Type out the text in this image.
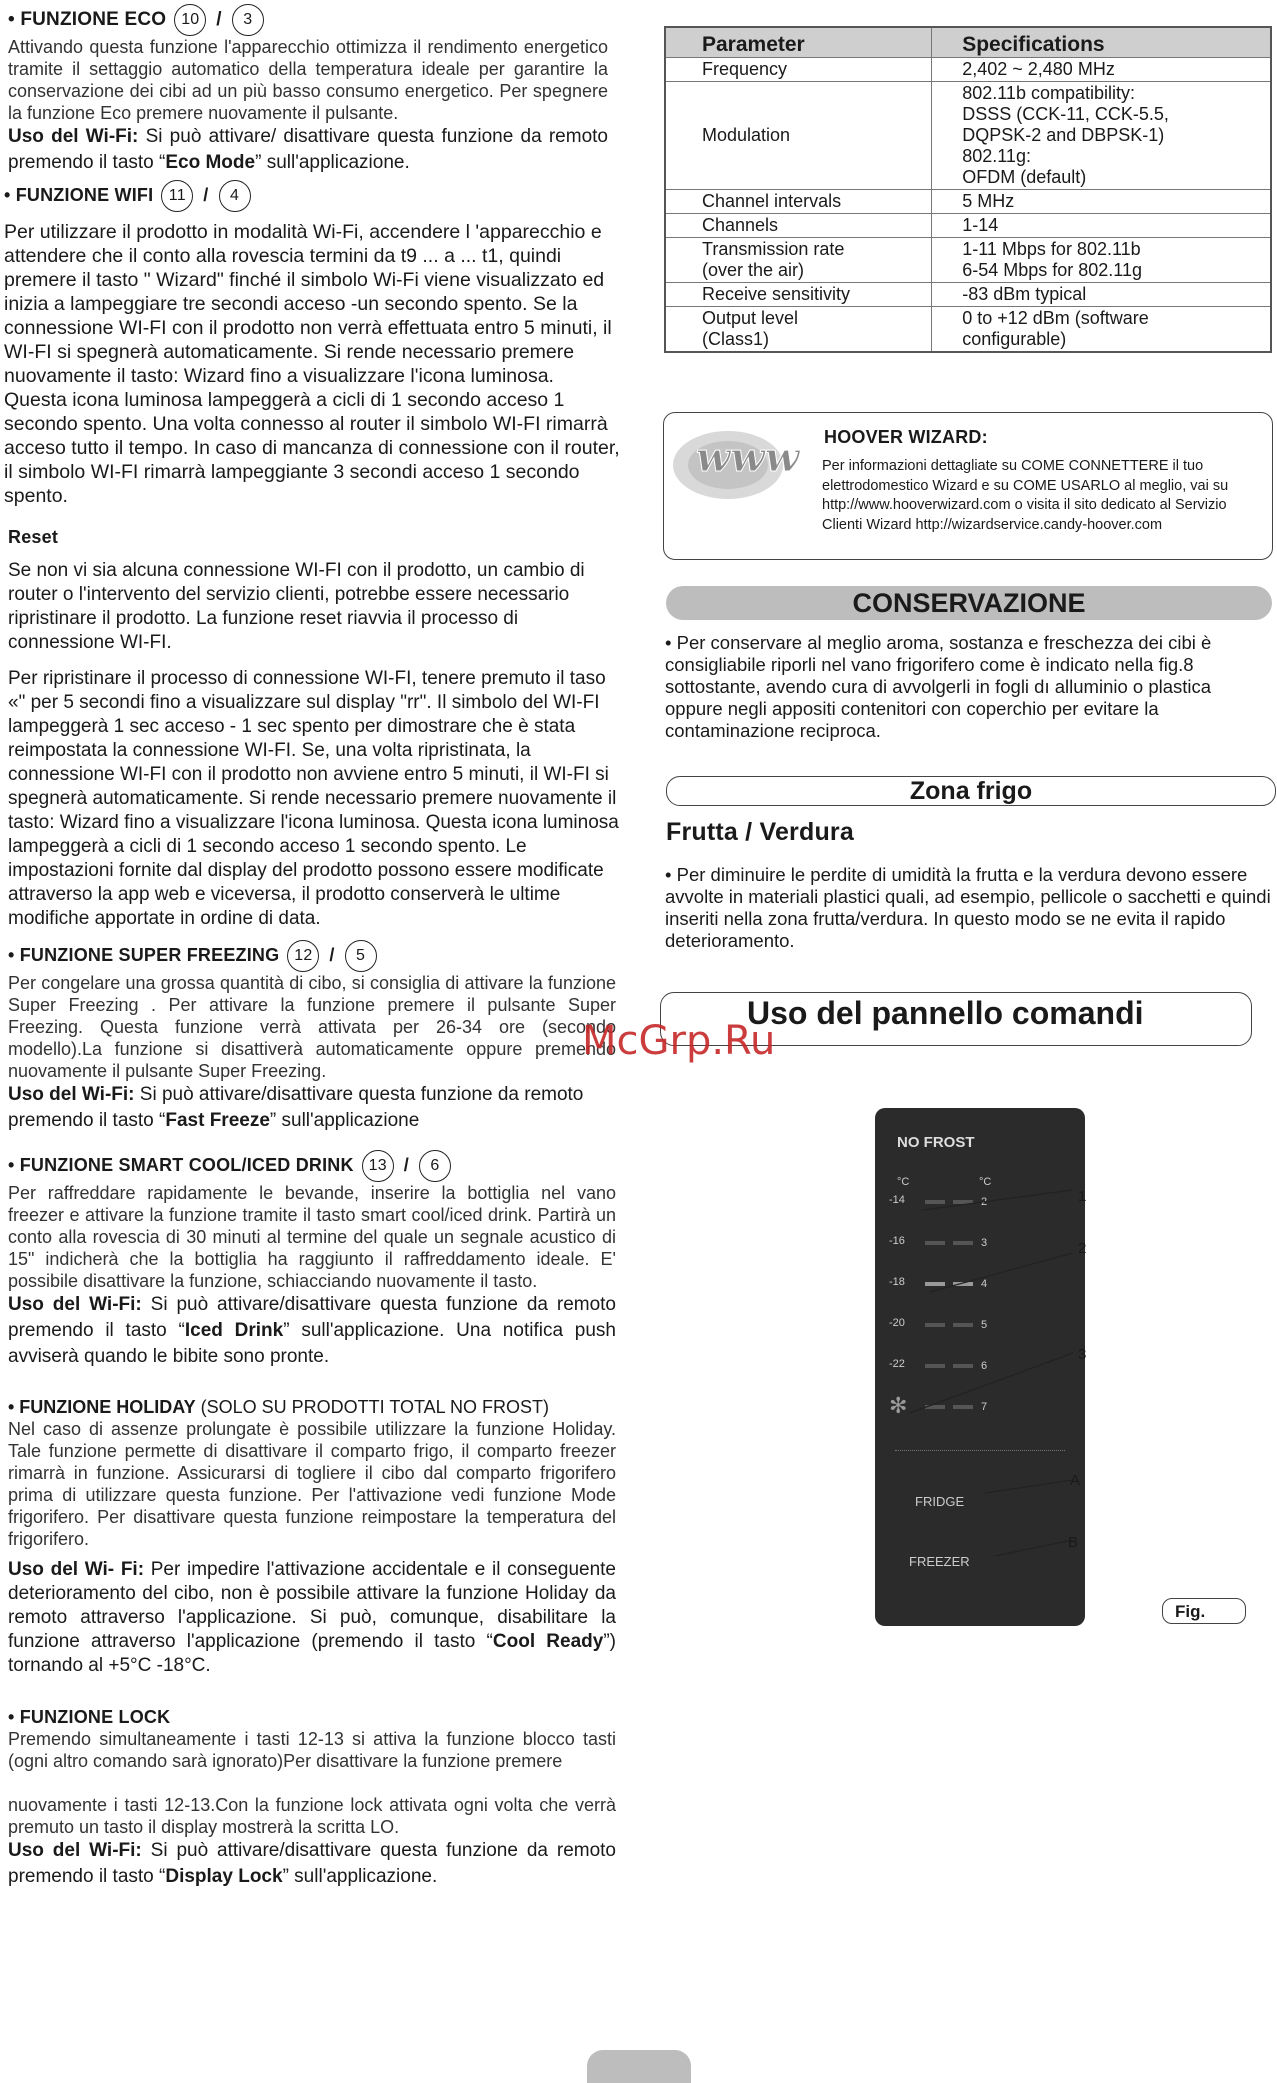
• FUNZIONE ECO 10 / 3

Attivando questa funzione l'apparecchio ottimizza il rendimento energetico tramite il settaggio automatico della temperatura ideale per garantire la conservazione dei cibi ad un più basso consumo energetico. Per spegnere la funzione Eco premere nuovamente il pulsante.

Uso del Wi-Fi: Si può attivare/ disattivare questa funzione da remoto premendo il tasto “Eco Mode” sull'applicazione.

• FUNZIONE WIFI 11 / 4

Per utilizzare il prodotto in modalità Wi-Fi, accendere l 'apparecchio e attendere che il conto alla rovescia termini da t9 ... a ... t1, quindi premere il tasto " Wizard" finché il simbolo Wi-Fi viene visualizzato ed inizia a lampeggiare tre secondi acceso -un secondo spento. Se la connessione WI-FI con il prodotto non verrà effettuata entro 5 minuti, il WI-FI si spegnerà automaticamente. Si rende necessario premere nuovamente il tasto: Wizard fino a visualizzare l'icona luminosa. Questa icona luminosa lampeggerà a cicli di 1 secondo acceso 1 secondo spento. Una volta connesso al router il simbolo WI-FI rimarrà acceso tutto il tempo. In caso di mancanza di connessione con il router, il simbolo WI-FI rimarrà lampeggiante 3 secondi acceso 1 secondo spento.

Reset

Se non vi sia alcuna connessione WI-FI con il prodotto, un cambio di router o l'intervento del servizio clienti, potrebbe essere necessario ripristinare il prodotto. La funzione reset riavvia il processo di connessione WI-FI.

Per ripristinare il processo di connessione WI-FI, tenere premuto il taso «" per 5 secondi fino a visualizzare sul display "rr". Il simbolo del WI-FI lampeggerà 1 sec acceso - 1 sec spento per dimostrare che è stata reimpostata la connessione WI-FI. Se, una volta ripristinata, la connessione WI-FI con il prodotto non avviene entro 5 minuti, il WI-FI si spegnerà automaticamente. Si rende necessario premere nuovamente il tasto: Wizard fino a visualizzare l'icona luminosa. Questa icona luminosa lampeggerà a cicli di 1 secondo acceso 1 secondo spento. Le impostazioni fornite dal display del prodotto possono essere modificate attraverso la app web e viceversa, il prodotto conserverà le ultime modifiche apportate in ordine di data.

• FUNZIONE SUPER FREEZING 12 / 5

Per congelare una grossa quantità di cibo, si consiglia di attivare la funzione Super Freezing . Per attivare la funzione premere il pulsante Super Freezing. Questa funzione verrà attivata per 26-34 ore (secondo modello).La funzione si disattiverà automaticamente oppure premendo nuovamente il pulsante Super Freezing.

Uso del Wi-Fi: Si può attivare/disattivare questa funzione da remoto premendo il tasto “Fast Freeze” sull'applicazione

• FUNZIONE SMART COOL/ICED DRINK 13 / 6

Per raffreddare rapidamente le bevande, inserire la bottiglia nel vano freezer e attivare la funzione tramite il tasto smart cool/iced drink. Partirà un conto alla rovescia di 30 minuti al termine del quale un segnale acustico di 15" indicherà che la bottiglia ha raggiunto il raffreddamento ideale. E' possibile disattivare la funzione, schiacciando nuovamente il tasto.

Uso del Wi-Fi: Si può attivare/disattivare questa funzione da remoto premendo il tasto “Iced Drink” sull'applicazione. Una notifica push avviserà quando le bibite sono pronte.

• FUNZIONE HOLIDAY (SOLO SU PRODOTTI TOTAL NO FROST)

Nel caso di assenze prolungate è possibile utilizzare la funzione Holiday. Tale funzione permette di disattivare il comparto frigo, il comparto freezer rimarrà in funzione. Assicurarsi di togliere il cibo dal comparto frigorifero prima di utilizzare questa funzione. Per l'attivazione vedi funzione Mode frigorifero. Per disattivare questa funzione reimpostare la temperatura del frigorifero.

Uso del Wi- Fi: Per impedire l'attivazione accidentale e il conseguente deterioramento del cibo, non è possibile attivare la funzione Holiday da remoto attraverso l'applicazione. Si può, comunque, disabilitare la funzione attraverso l'applicazione (premendo il tasto “Cool Ready”) tornando al +5°C -18°C.

• FUNZIONE LOCK

Premendo simultaneamente i tasti 12-13 si attiva la funzione blocco tasti (ogni altro comando sarà ignorato)Per disattivare la funzione premere

nuovamente i tasti 12-13.Con la funzione lock attivata ogni volta che verrà premuto un tasto il display mostrerà la scritta LO.

Uso del Wi-Fi: Si può attivare/disattivare questa funzione da remoto premendo il tasto “Display Lock” sull'applicazione.

Parameter	Specifications
Frequency	2,402 ~ 2,480 MHz
Modulation	802.11b compatibility:
DSSS (CCK-11, CCK-5.5,
DQPSK-2 and DBPSK-1)
802.11g:
OFDM (default)
Channel intervals	5 MHz
Channels	1-14
Transmission rate
(over the air)	1-11 Mbps for 802.11b
6-54 Mbps for 802.11g
Receive sensitivity	-83 dBm typical
Output level
(Class1)	0 to +12 dBm (software
configurable)
www HOOVER WIZARD:
Per informazioni dettagliate su COME CONNETTERE il tuo elettrodomestico Wizard e su COME USARLO al meglio, vai su http://www.hooverwizard.com o visita il sito dedicato al Servizio Clienti Wizard http://wizardservice.candy-hoover.com
CONSERVAZIONE
• Per conservare al meglio aroma, sostanza e freschezza dei cibi è consigliabile riporli nel vano frigorifero come è indicato nella fig.8 sottostante, avendo cura di avvolgerli in fogli dı alluminio o plastica oppure negli appositi contenitori con coperchio per evitare la contaminazione reciproca.
Zona frigo
Frutta / Verdura
• Per diminuire le perdite di umidità la frutta e la verdura devono essere avvolte in materiali plastici quali, ad esempio, pellicole o sacchetti e quindi inseriti nella zona frutta/verdura. In questo modo se ne evita il rapido deterioramento.
Uso del pannello comandi
McGrp.Ru
NO FROST
°C	°C
-14
-16
-18
-20
-22
✻
3
4
5
6
7
FRIDGE
FREEZER
1
2
3
A
B
Fig.
